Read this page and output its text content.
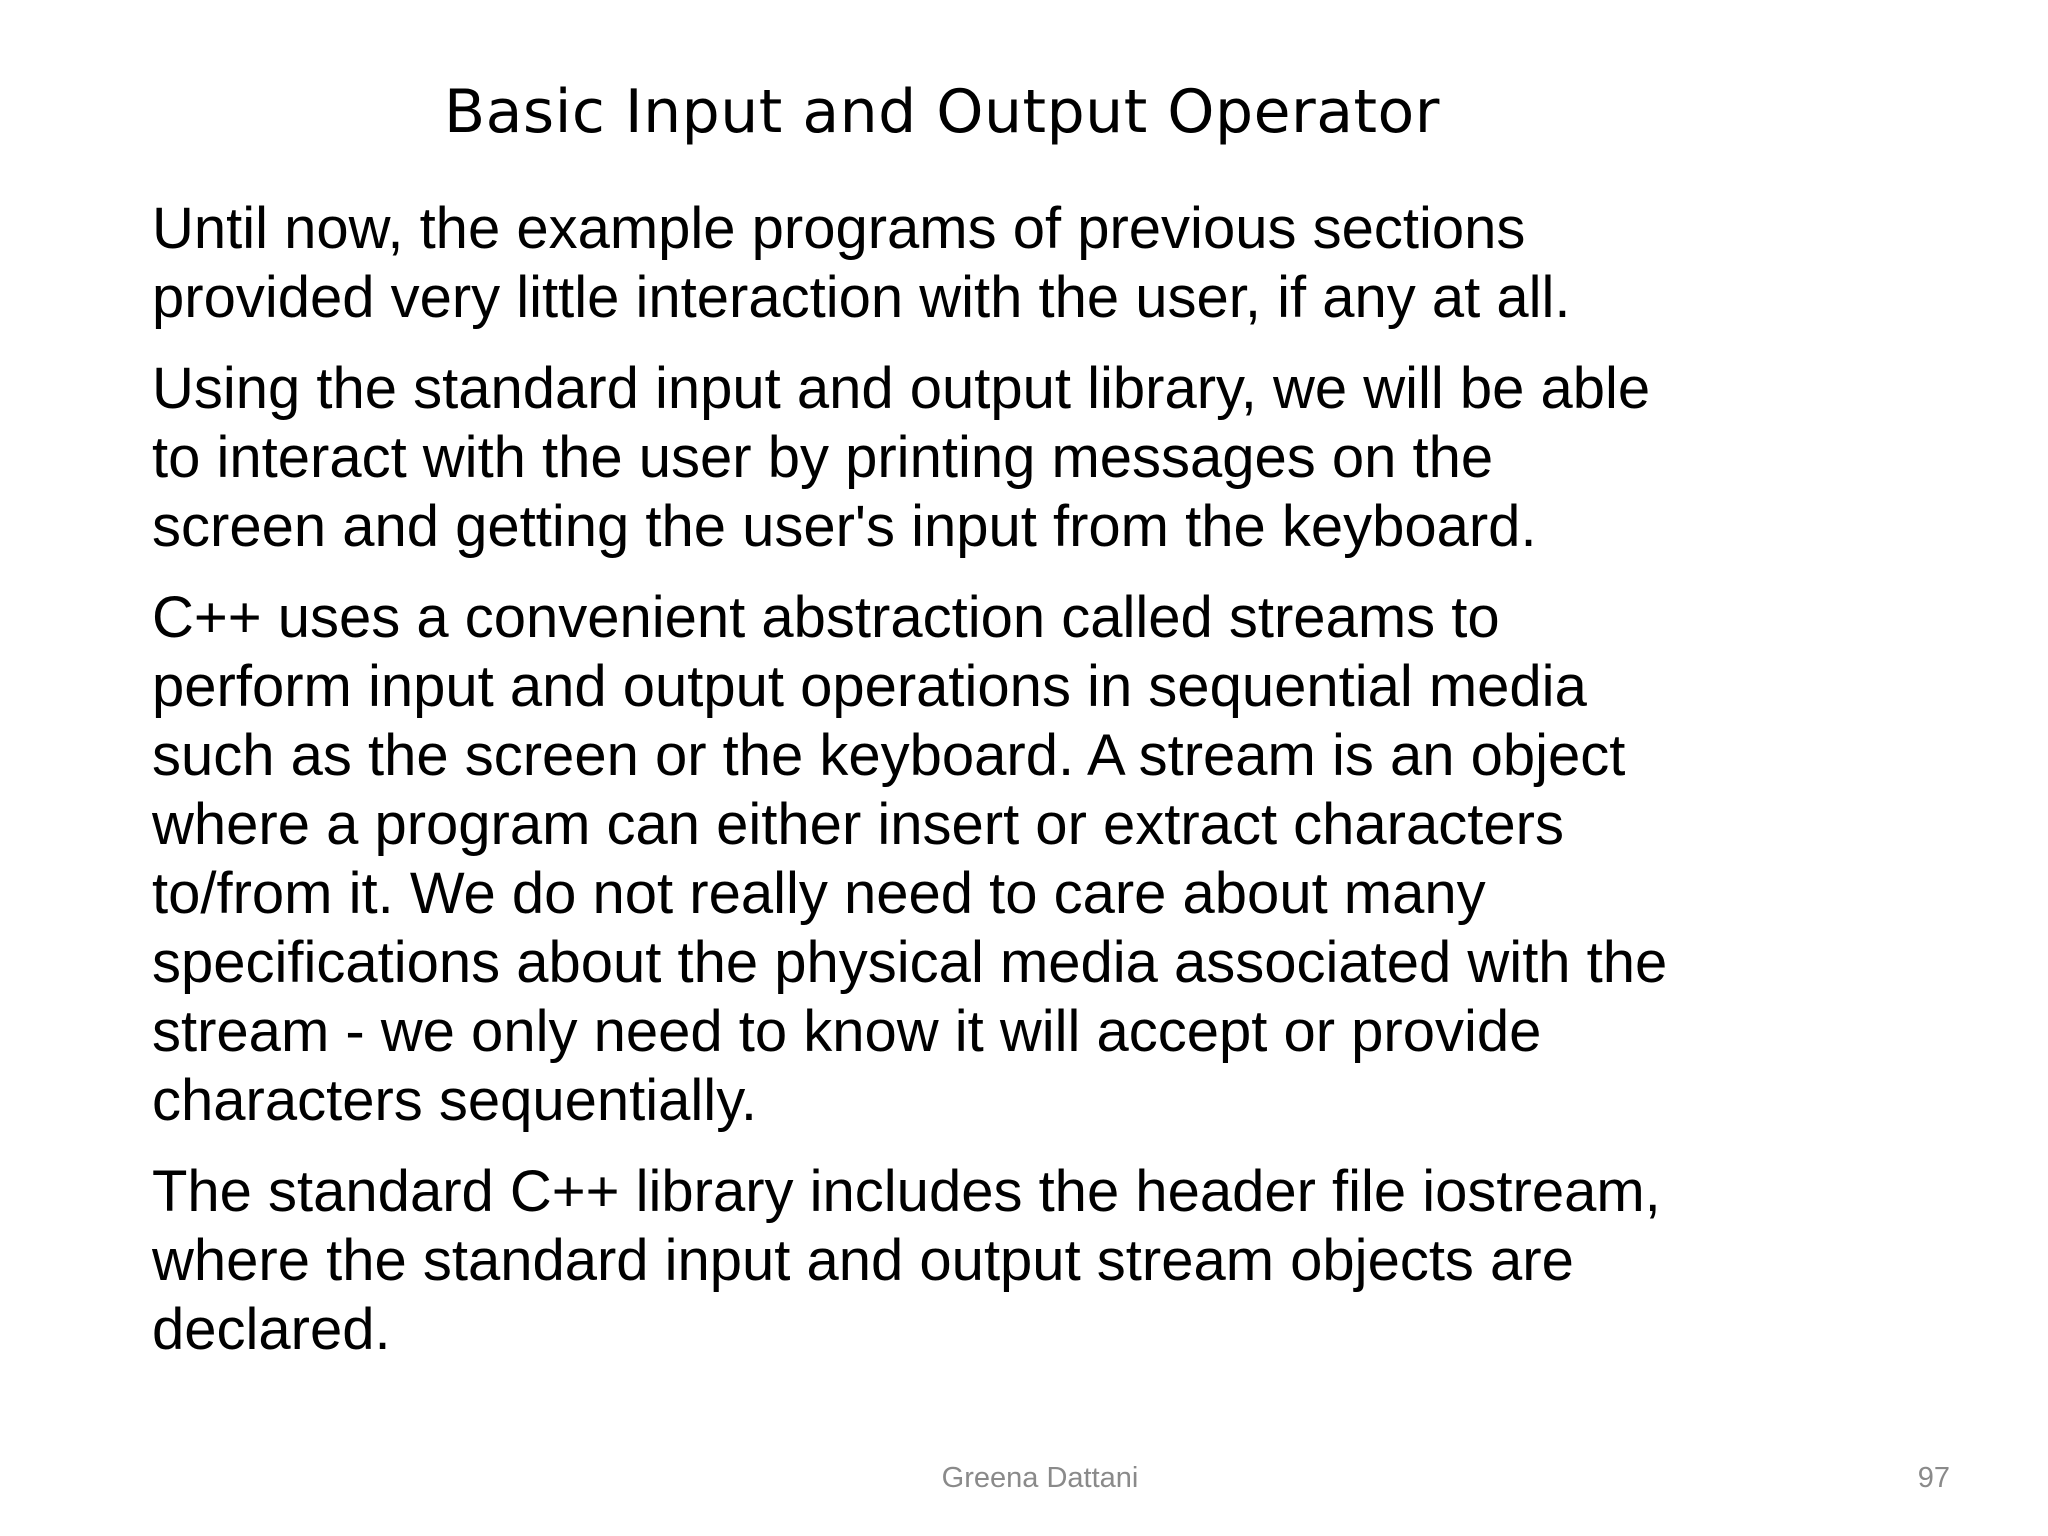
Basic Input and Output Operator

Until now, the example programs of previous sections
provided very little interaction with the user, if any at all.

Using the standard input and output library, we will be able
to interact with the user by printing messages on the
screen and getting the user's input from the keyboard.

C++ uses a convenient abstraction called streams to
perform input and output operations in sequential media
such as the screen or the keyboard. A stream is an object
where a program can either insert or extract characters
to/from it. We do not really need to care about many
specifications about the physical media associated with the
stream - we only need to know it will accept or provide
characters sequentially.

The standard C++ library includes the header file iostream,
where the standard input and output stream objects are
declared.

Greena Dattani	97
